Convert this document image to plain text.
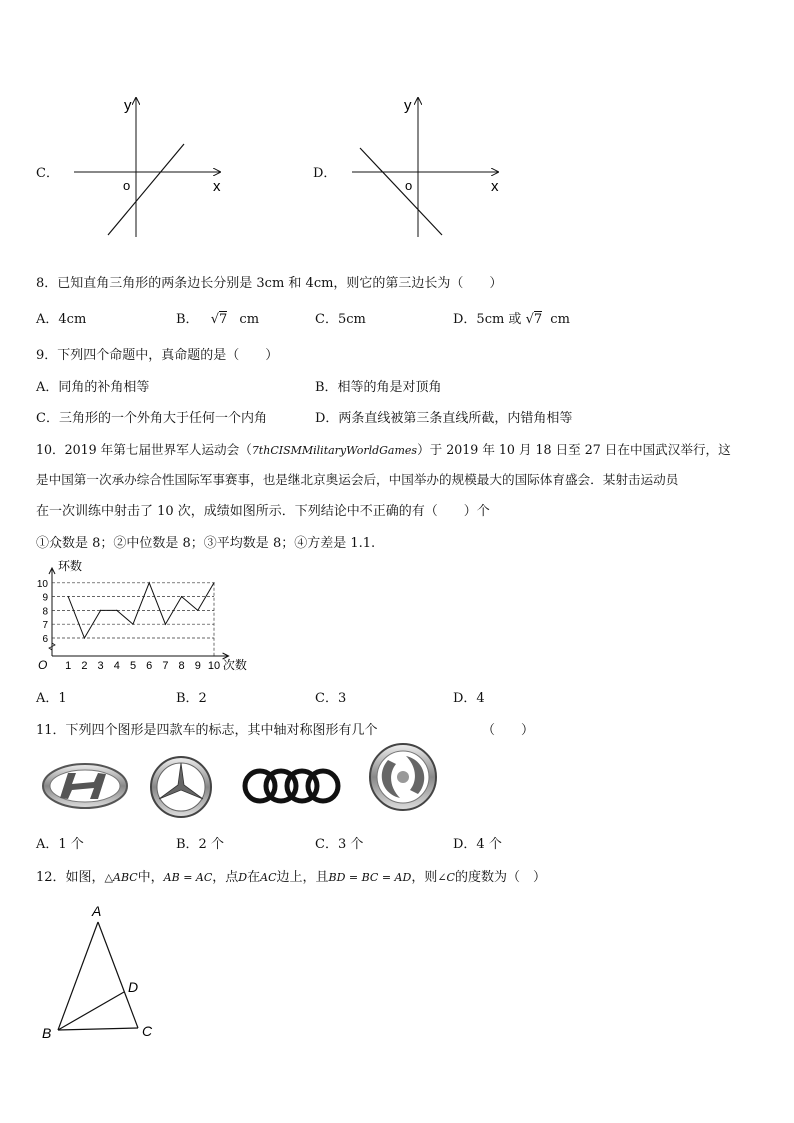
C．
y
x
o
D．
y
x
o
8．已知直角三角形的两条边长分别是 3cm 和 4cm，则它的第三边长为（　　）
A．4cm	B． √7 cm	C．5cm	D．5cm 或 √7 cm
9．下列四个命题中，真命题的是（　　）
A．同角的补角相等	B．相等的角是对顶角
C．三角形的一个外角大于任何一个内角	D．两条直线被第三条直线所截，内错角相等
10．2019 年第七届世界军人运动会（7thCISMMilitaryWorldGames）于 2019 年 10 月 18 日至 27 日在中国武汉举行，这
是中国第一次承办综合性国际军事赛事，也是继北京奥运会后，中国举办的规模最大的国际体育盛会．某射击运动员
在一次训练中射击了 10 次，成绩如图所示．下列结论中不正确的有（　　）个
①众数是 8；②中位数是 8；③平均数是 8；④方差是 1.1.
6
7
8
9
10
1 2 3 4 5 6 7 8 9 10
O
环数
次数
A．1	B．2	C．3	D．4
11．下列四个图形是四款车的标志，其中轴对称图形有几个	（　　）
A．1 个	B．2 个	C．3 个	D．4 个
12．如图，△ABC中，AB = AC，点D在AC边上，且BD = BC = AD，则∠C的度数为（　）
A
B	C
D
